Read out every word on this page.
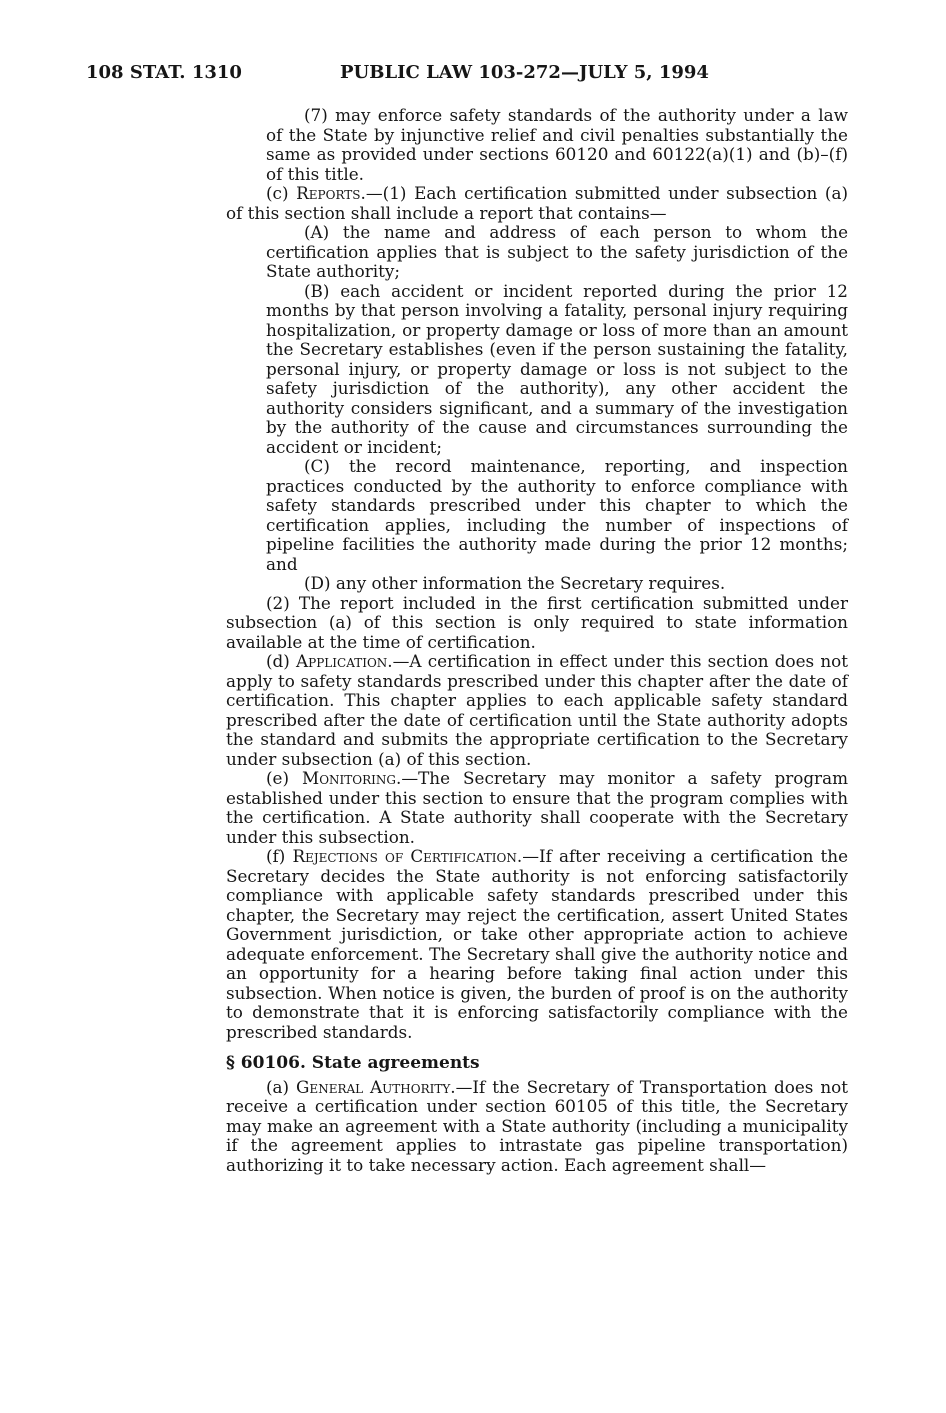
108 STAT. 1310	PUBLIC LAW 103-272—JULY 5, 1994

(7) may enforce safety standards of the authority under a law of the State by injunctive relief and civil penalties substantially the same as provided under sections 60120 and 60122(a)(1) and (b)–(f) of this title.

(c) Reports.—(1) Each certification submitted under subsection (a) of this section shall include a report that contains—

(A) the name and address of each person to whom the certification applies that is subject to the safety jurisdiction of the State authority;

(B) each accident or incident reported during the prior 12 months by that person involving a fatality, personal injury requiring hospitalization, or property damage or loss of more than an amount the Secretary establishes (even if the person sustaining the fatality, personal injury, or property damage or loss is not subject to the safety jurisdiction of the authority), any other accident the authority considers significant, and a summary of the investigation by the authority of the cause and circumstances surrounding the accident or incident;

(C) the record maintenance, reporting, and inspection practices conducted by the authority to enforce compliance with safety standards prescribed under this chapter to which the certification applies, including the number of inspections of pipeline facilities the authority made during the prior 12 months; and

(D) any other information the Secretary requires.

(2) The report included in the first certification submitted under subsection (a) of this section is only required to state information available at the time of certification.

(d) Application.—A certification in effect under this section does not apply to safety standards prescribed under this chapter after the date of certification. This chapter applies to each applicable safety standard prescribed after the date of certification until the State authority adopts the standard and submits the appropriate certification to the Secretary under subsection (a) of this section.

(e) Monitoring.—The Secretary may monitor a safety program established under this section to ensure that the program complies with the certification. A State authority shall cooperate with the Secretary under this subsection.

(f) Rejections of Certification.—If after receiving a certification the Secretary decides the State authority is not enforcing satisfactorily compliance with applicable safety standards prescribed under this chapter, the Secretary may reject the certification, assert United States Government jurisdiction, or take other appropriate action to achieve adequate enforcement. The Secretary shall give the authority notice and an opportunity for a hearing before taking final action under this subsection. When notice is given, the burden of proof is on the authority to demonstrate that it is enforcing satisfactorily compliance with the prescribed standards.

§ 60106. State agreements

(a) General Authority.—If the Secretary of Transportation does not receive a certification under section 60105 of this title, the Secretary may make an agreement with a State authority (including a municipality if the agreement applies to intrastate gas pipeline transportation) authorizing it to take necessary action. Each agreement shall—
